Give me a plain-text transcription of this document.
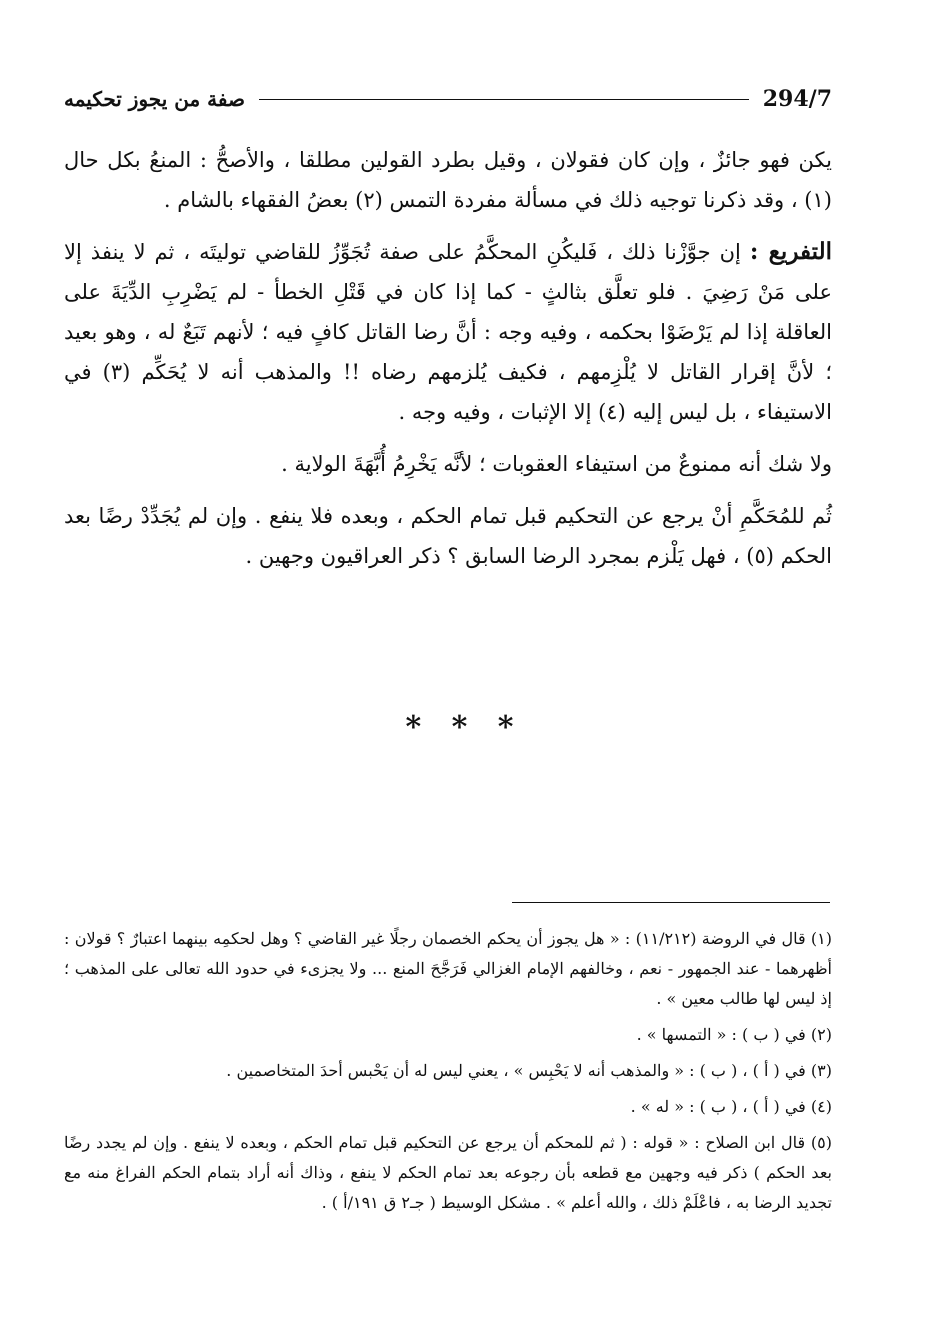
294/7
صفة من يجوز تحكيمه

يكن فهو جائزٌ ، وإن كان فقولان ، وقيل بطرد القولين مطلقا ، والأصحُّ : المنعُ بكل حال (١) ، وقد ذكرنا توجيه ذلك في مسألة مفردة التمس (٢) بعضُ الفقهاء بالشام .

التفريع : إن جوَّزْنا ذلك ، فَليكُنِ المحكَّمُ على صفة تُجَوِّزُ للقاضي توليتَه ، ثم لا ينفذ إلا على مَنْ رَضِيَ . فلو تعلَّق بثالثٍ - كما إذا كان في قَتْلِ الخطأ - لم يَضْرِبِ الدِّيَةَ على العاقلة إذا لم يَرْضَوْا بحكمه ، وفيه وجه : أنَّ رضا القاتل كافٍ فيه ؛ لأنهم تَبَعٌ له ، وهو بعيد ؛ لأنَّ إقرار القاتل لا يُلْزِمهم ، فكيف يُلزمهم رضاه !! والمذهب أنه لا يُحَكِّم (٣) في الاستيفاء ، بل ليس إليه (٤) إلا الإثبات ، وفيه وجه .

ولا شك أنه ممنوعٌ من استيفاء العقوبات ؛ لأنَّه يَخْرِمُ أُبَّهَةَ الولاية .

ثُم للمُحَكَّمِ أنْ يرجع عن التحكيم قبل تمام الحكم ، وبعده فلا ينفع . وإن لم يُجَدِّدْ رضًا بعد الحكم (٥) ، فهل يَلْزم بمجرد الرضا السابق ؟ ذكر العراقيون وجهين .

* * *

(١) قال في الروضة (١١/٢١٢) : « هل يجوز أن يحكم الخصمان رجلًا غير القاضي ؟ وهل لحكمِه بينهما اعتبارٌ ؟ قولان : أظهرهما - عند الجمهور - نعم ، وخالفهم الإمام الغزالي فَرَجَّحَ المنع ... ولا يجزىء في حدود الله تعالى على المذهب ؛ إذ ليس لها طالب معين » .

(٢) في ( ب ) : « التمسها » .

(٣) في ( أ ) ، ( ب ) : « والمذهب أنه لا يَحْبِس » ، يعني ليس له أن يَحْبس أحدَ المتخاصمين .

(٤) في ( أ ) ، ( ب ) : « له » .

(٥) قال ابن الصلاح : « قوله : ( ثم للمحكم أن يرجع عن التحكيم قبل تمام الحكم ، وبعده لا ينفع . وإن لم يجدد رضًا بعد الحكم ) ذكر فيه وجهين مع قطعه بأن رجوعه بعد تمام الحكم لا ينفع ، وذاك أنه أراد بتمام الحكم الفراغ منه مع تجديد الرضا به ، فاعْلَمْ ذلك ، والله أعلم » . مشكل الوسيط ( جـ٢ ق ١٩١/أ ) .
